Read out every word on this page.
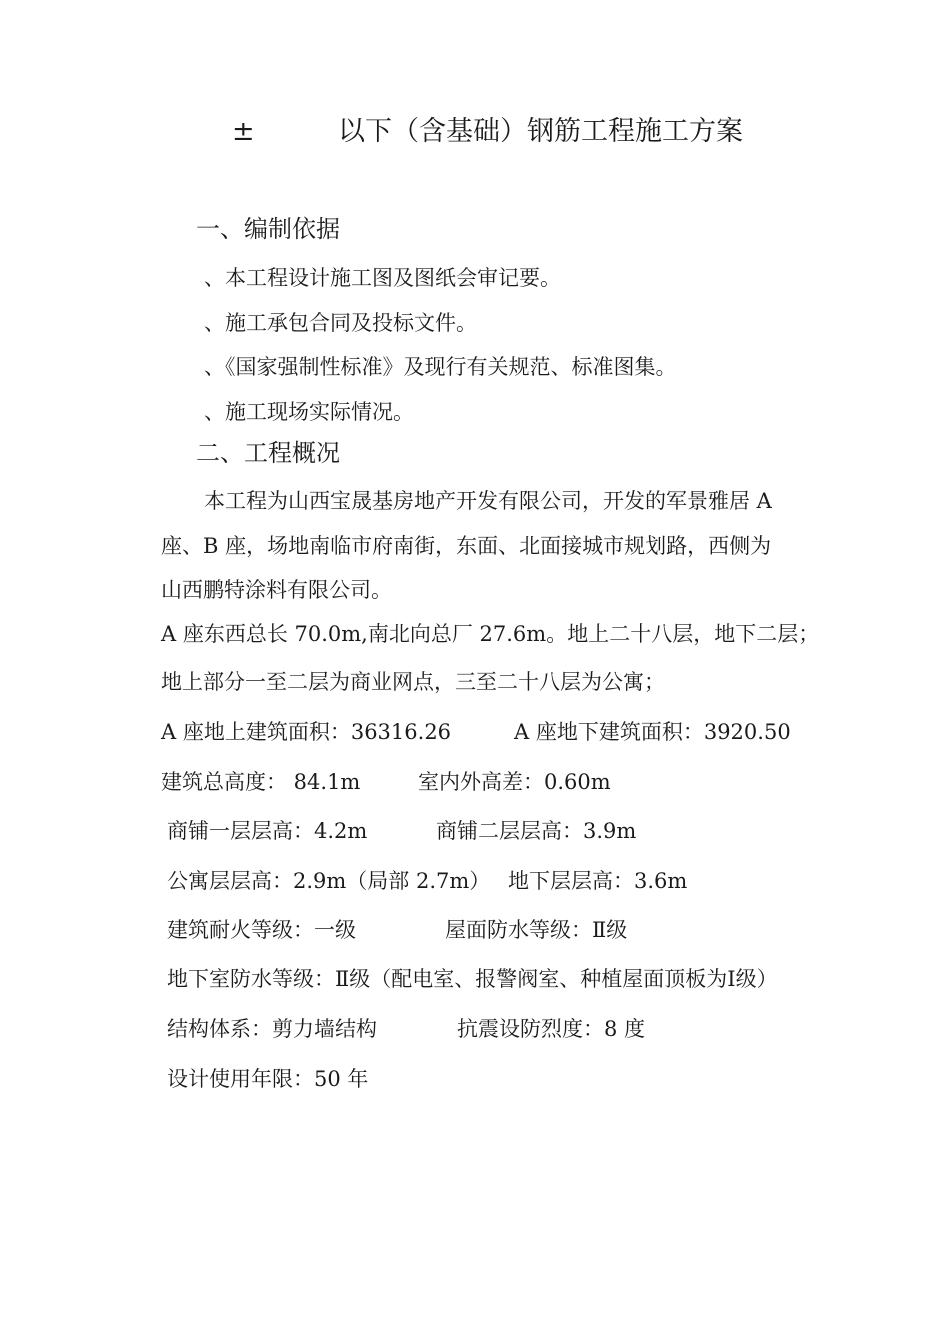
±	以下（含基础）钢筋工程施工方案
一、编制依据
、本工程设计施工图及图纸会审记要。
、施工承包合同及投标文件。
、《国家强制性标准》及现行有关规范、标准图集。
、施工现场实际情况。
二、工程概况
本工程为山西宝晟基房地产开发有限公司，开发的军景雅居 A
座、B 座，场地南临市府南街，东面、北面接城市规划路，西侧为
山西鹏特涂料有限公司。
A 座东西总长 70.0m,南北向总厂 27.6m。地上二十八层，地下二层；
地上部分一至二层为商业网点，三至二十八层为公寓；
A 座地上建筑面积：36316.26	A 座地下建筑面积：3920.50
建筑总高度： 84.1m	室内外高差：0.60m
商铺一层层高：4.2m	商铺二层层高：3.9m
公寓层层高：2.9m（局部 2.7m） 地下层层高：3.6m
建筑耐火等级：一级	屋面防水等级：Ⅱ级
地下室防水等级：Ⅱ级（配电室、报警阀室、种植屋面顶板为Ⅰ级）
结构体系：剪力墙结构	抗震设防烈度：8 度
设计使用年限：50 年
